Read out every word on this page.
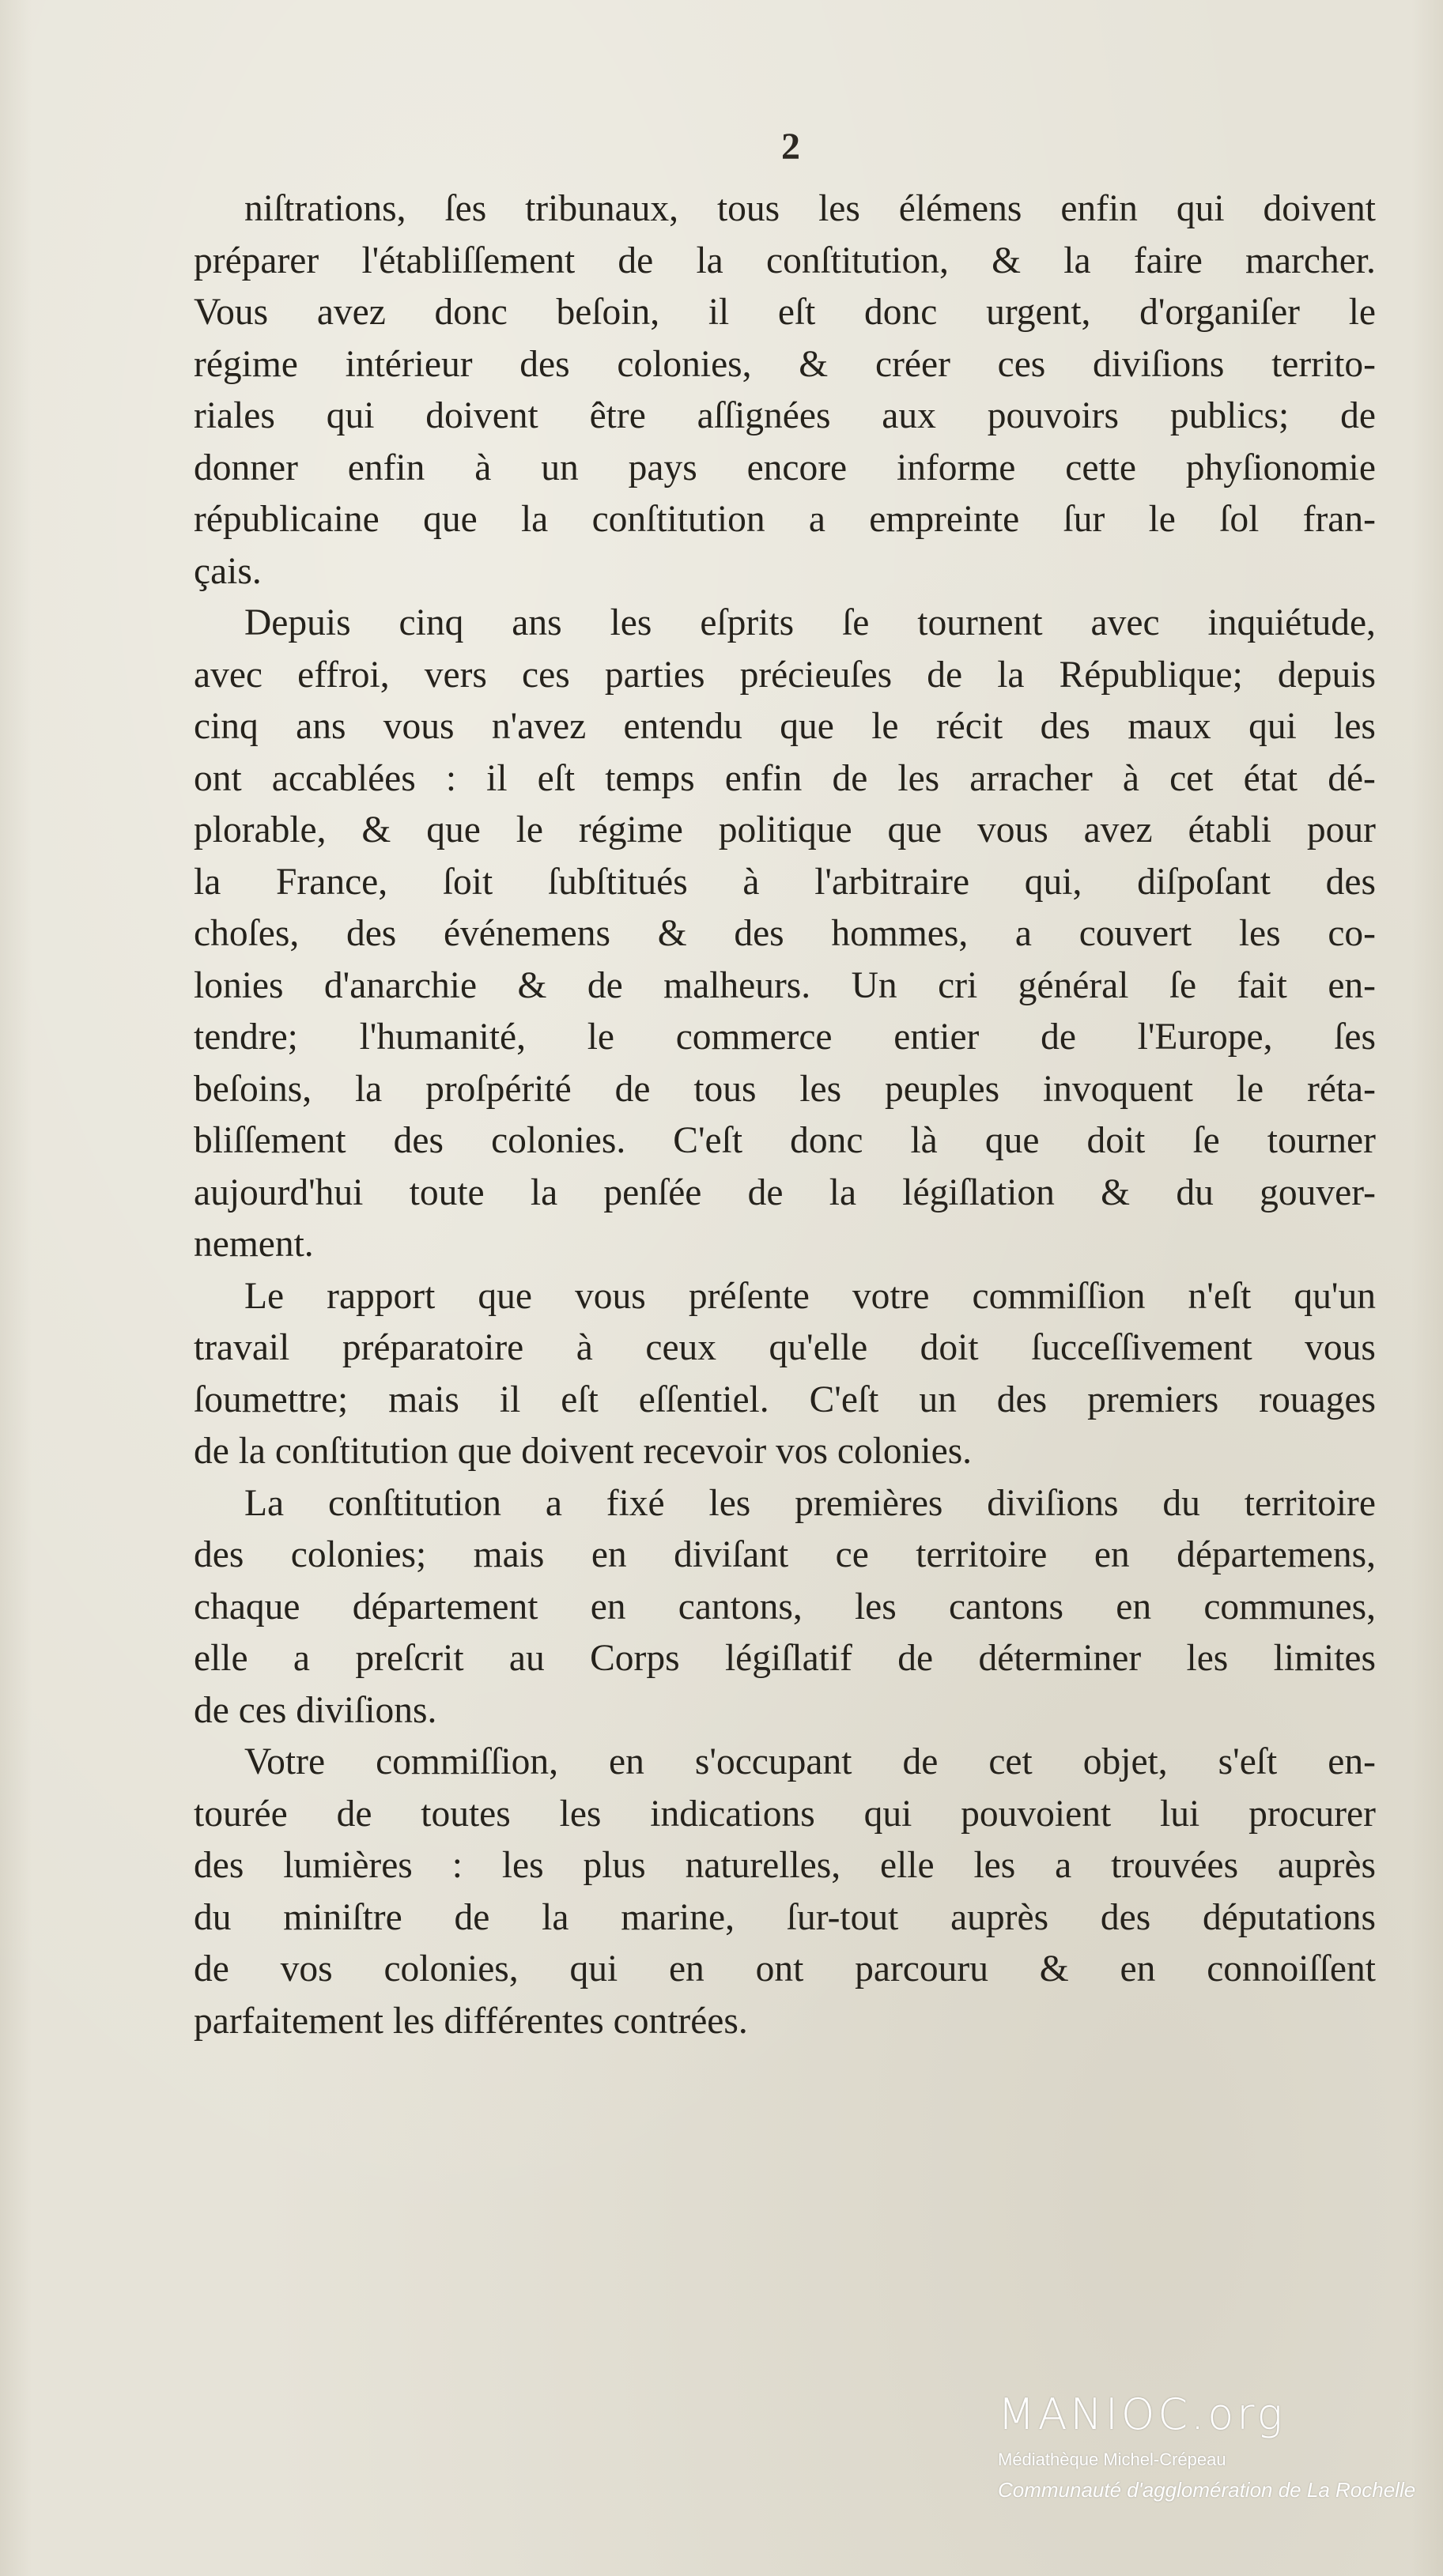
2
niſtrations, ſes tribunaux, tous les élémens enfin qui doivent
préparer l'établiſſement de la conſtitution, & la faire marcher.
Vous avez donc beſoin, il eſt donc urgent, d'organiſer le
régime intérieur des colonies, & créer ces diviſions territo-
riales qui doivent être aſſignées aux pouvoirs publics; de
donner enfin à un pays encore informe cette phyſionomie
républicaine que la conſtitution a empreinte ſur le ſol fran-
çais.
Depuis cinq ans les eſprits ſe tournent avec inquiétude,
avec effroi, vers ces parties précieuſes de la République; depuis
cinq ans vous n'avez entendu que le récit des maux qui les
ont accablées : il eſt temps enfin de les arracher à cet état dé-
plorable, & que le régime politique que vous avez établi pour
la France, ſoit ſubſtitués à l'arbitraire qui, diſpoſant des
choſes, des événemens & des hommes, a couvert les co-
lonies d'anarchie & de malheurs. Un cri général ſe fait en-
tendre; l'humanité, le commerce entier de l'Europe, ſes
beſoins, la proſpérité de tous les peuples invoquent le réta-
bliſſement des colonies. C'eſt donc là que doit ſe tourner
aujourd'hui toute la penſée de la légiſlation & du gouver-
nement.
Le rapport que vous préſente votre commiſſion n'eſt qu'un
travail préparatoire à ceux qu'elle doit ſucceſſivement vous
ſoumettre; mais il eſt eſſentiel. C'eſt un des premiers rouages
de la conſtitution que doivent recevoir vos colonies.
La conſtitution a fixé les premières diviſions du territoire
des colonies; mais en diviſant ce territoire en départemens,
chaque département en cantons, les cantons en communes,
elle a preſcrit au Corps légiſlatif de déterminer les limites
de ces diviſions.
Votre commiſſion, en s'occupant de cet objet, s'eſt en-
tourée de toutes les indications qui pouvoient lui procurer
des lumières : les plus naturelles, elle les a trouvées auprès
du miniſtre de la marine, ſur-tout auprès des députations
de vos colonies, qui en ont parcouru & en connoiſſent
parfaitement les différentes contrées.
MANIOC.org
Médiathèque Michel-Crépeau
Communauté d'agglomération de La Rochelle
